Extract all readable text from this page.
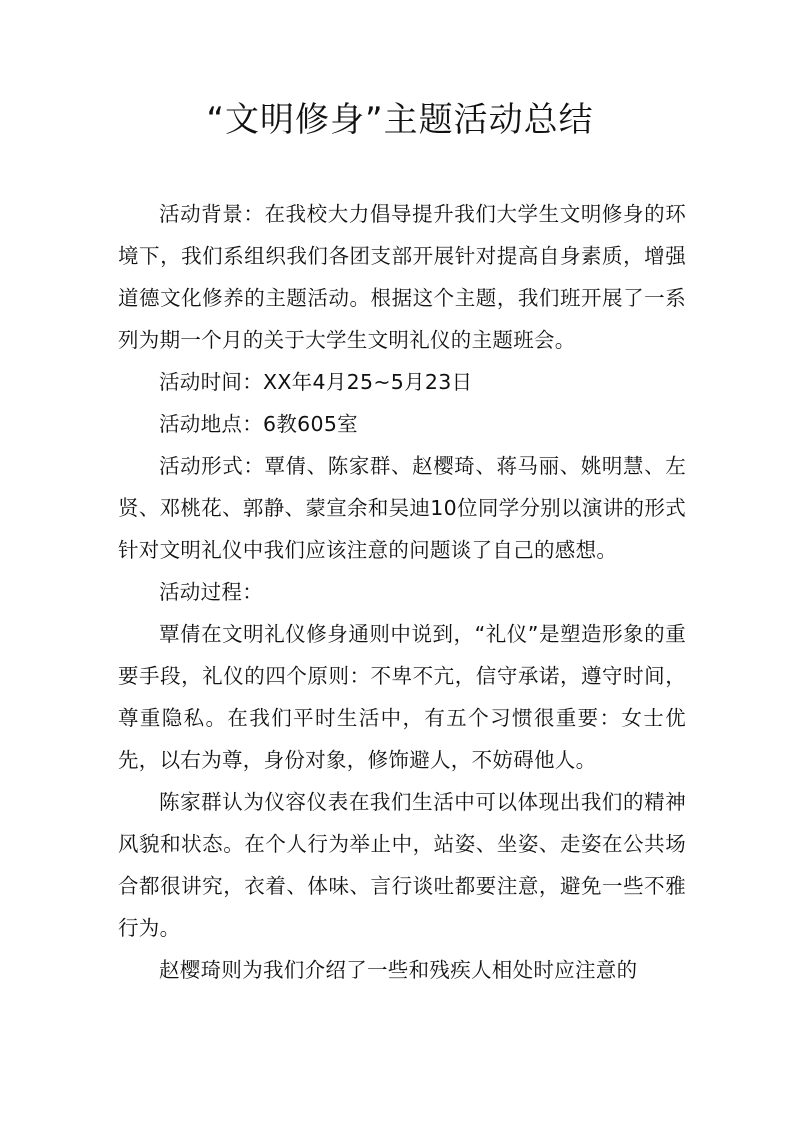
“文明修身”主题活动总结

活动背景：在我校大力倡导提升我们大学生文明修身的环境下，我们系组织我们各团支部开展针对提高自身素质，增强道德文化修养的主题活动。根据这个主题，我们班开展了一系列为期一个月的关于大学生文明礼仪的主题班会。

活动时间：XX年4月25~5月23日

活动地点：6教605室

活动形式：覃倩、陈家群、赵樱琦、蒋马丽、姚明慧、左贤、邓桃花、郭静、蒙宣余和吴迪10位同学分别以演讲的形式针对文明礼仪中我们应该注意的问题谈了自己的感想。

活动过程：

覃倩在文明礼仪修身通则中说到，“礼仪”是塑造形象的重要手段，礼仪的四个原则：不卑不亢，信守承诺，遵守时间，尊重隐私。在我们平时生活中，有五个习惯很重要：女士优先，以右为尊，身份对象，修饰避人，不妨碍他人。

陈家群认为仪容仪表在我们生活中可以体现出我们的精神风貌和状态。在个人行为举止中，站姿、坐姿、走姿在公共场合都很讲究，衣着、体味、言行谈吐都要注意，避免一些不雅行为。

赵樱琦则为我们介绍了一些和残疾人相处时应注意的
